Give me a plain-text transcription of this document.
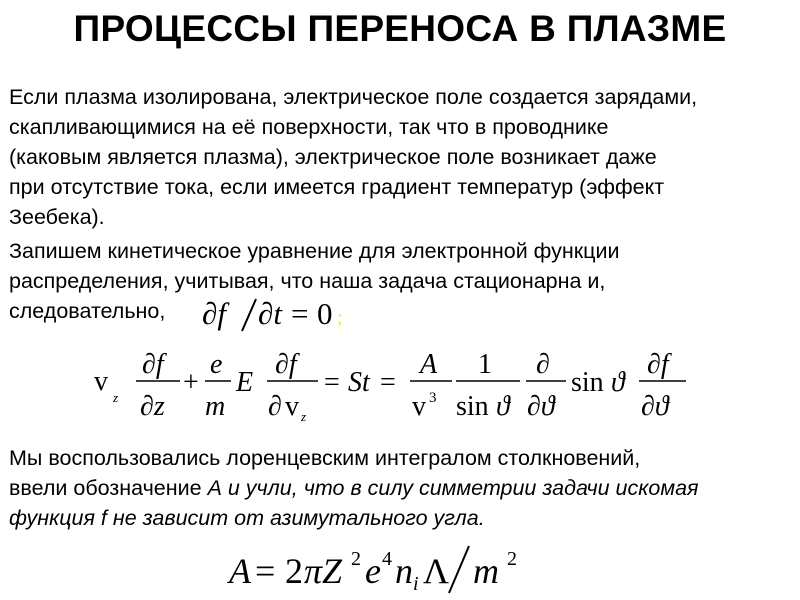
ПРОЦЕССЫ ПЕРЕНОСА В ПЛАЗМЕ
Если плазма изолирована, электрическое поле создается зарядами,
скапливающимися на её поверхности, так что в проводнике
(каковым является плазма), электрическое поле возникает даже
при отсутствие тока, если имеется градиент температур (эффект
Зеебека).
Запишем кинетическое уравнение для электронной функции
распределения, учитывая, что наша задача стационарна и,
следовательно,	∂f ∂t = 0 ;
v
z
∂f
∂z
+
e
m
E
∂f
∂ v z
= St =
A
v 3
1
sin ϑ
∂
∂ϑ
sin ϑ
∂f
∂ϑ
Мы воспользовались лоренцевским интегралом столкновений,
ввели обозначение А и учли, что в силу симметрии задачи искомая
функция f не зависит от азимутального угла.
A = 2 πZ 2 e 4 n i Λ m 2
